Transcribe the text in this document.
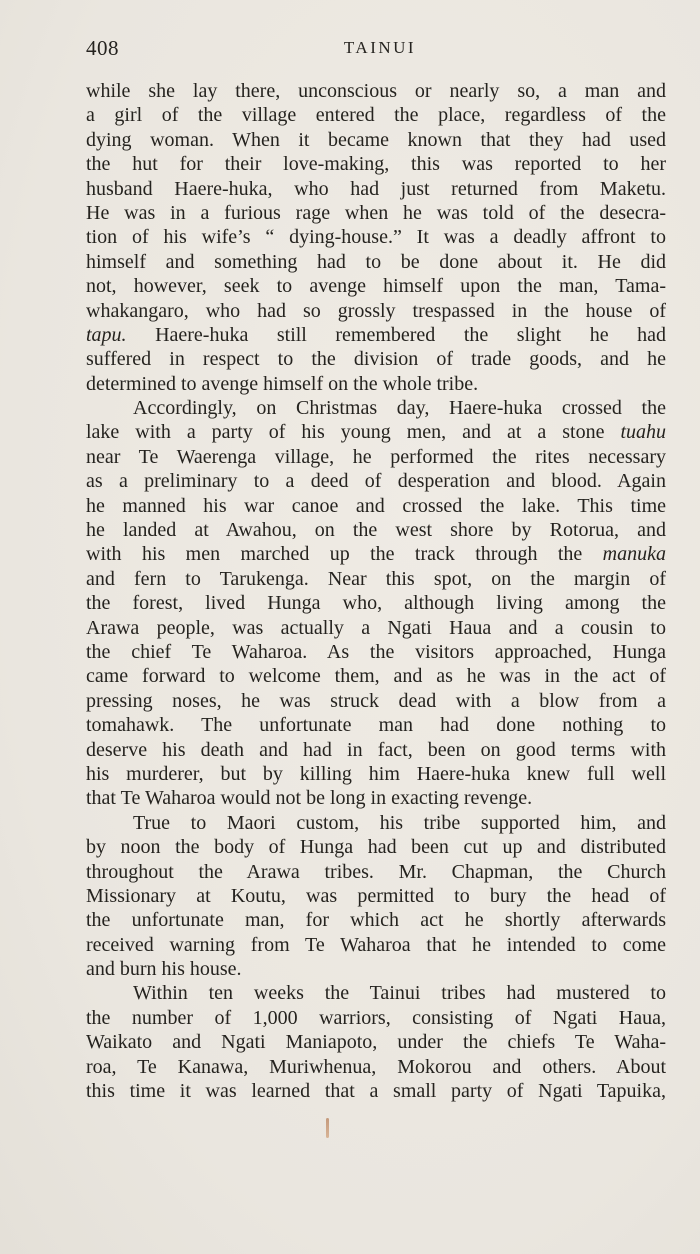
408	TAINUI
while she lay there, unconscious or nearly so, a man and
a girl of the village entered the place, regardless of the
dying woman. When it became known that they had used
the hut for their love-making, this was reported to her
husband Haere-huka, who had just returned from Maketu.
He was in a furious rage when he was told of the desecra-
tion of his wife’s “ dying-house.” It was a deadly affront to
himself and something had to be done about it. He did
not, however, seek to avenge himself upon the man, Tama-
whakangaro, who had so grossly trespassed in the house of
tapu. Haere-huka still remembered the slight he had
suffered in respect to the division of trade goods, and he
determined to avenge himself on the whole tribe.
Accordingly, on Christmas day, Haere-huka crossed the
lake with a party of his young men, and at a stone tuahu
near Te Waerenga village, he performed the rites necessary
as a preliminary to a deed of desperation and blood. Again
he manned his war canoe and crossed the lake. This time
he landed at Awahou, on the west shore by Rotorua, and
with his men marched up the track through the manuka
and fern to Tarukenga. Near this spot, on the margin of
the forest, lived Hunga who, although living among the
Arawa people, was actually a Ngati Haua and a cousin to
the chief Te Waharoa. As the visitors approached, Hunga
came forward to welcome them, and as he was in the act of
pressing noses, he was struck dead with a blow from a
tomahawk. The unfortunate man had done nothing to
deserve his death and had in fact, been on good terms with
his murderer, but by killing him Haere-huka knew full well
that Te Waharoa would not be long in exacting revenge.
True to Maori custom, his tribe supported him, and
by noon the body of Hunga had been cut up and distributed
throughout the Arawa tribes. Mr. Chapman, the Church
Missionary at Koutu, was permitted to bury the head of
the unfortunate man, for which act he shortly afterwards
received warning from Te Waharoa that he intended to come
and burn his house.
Within ten weeks the Tainui tribes had mustered to
the number of 1,000 warriors, consisting of Ngati Haua,
Waikato and Ngati Maniapoto, under the chiefs Te Waha-
roa, Te Kanawa, Muriwhenua, Mokorou and others. About
this time it was learned that a small party of Ngati Tapuika,
